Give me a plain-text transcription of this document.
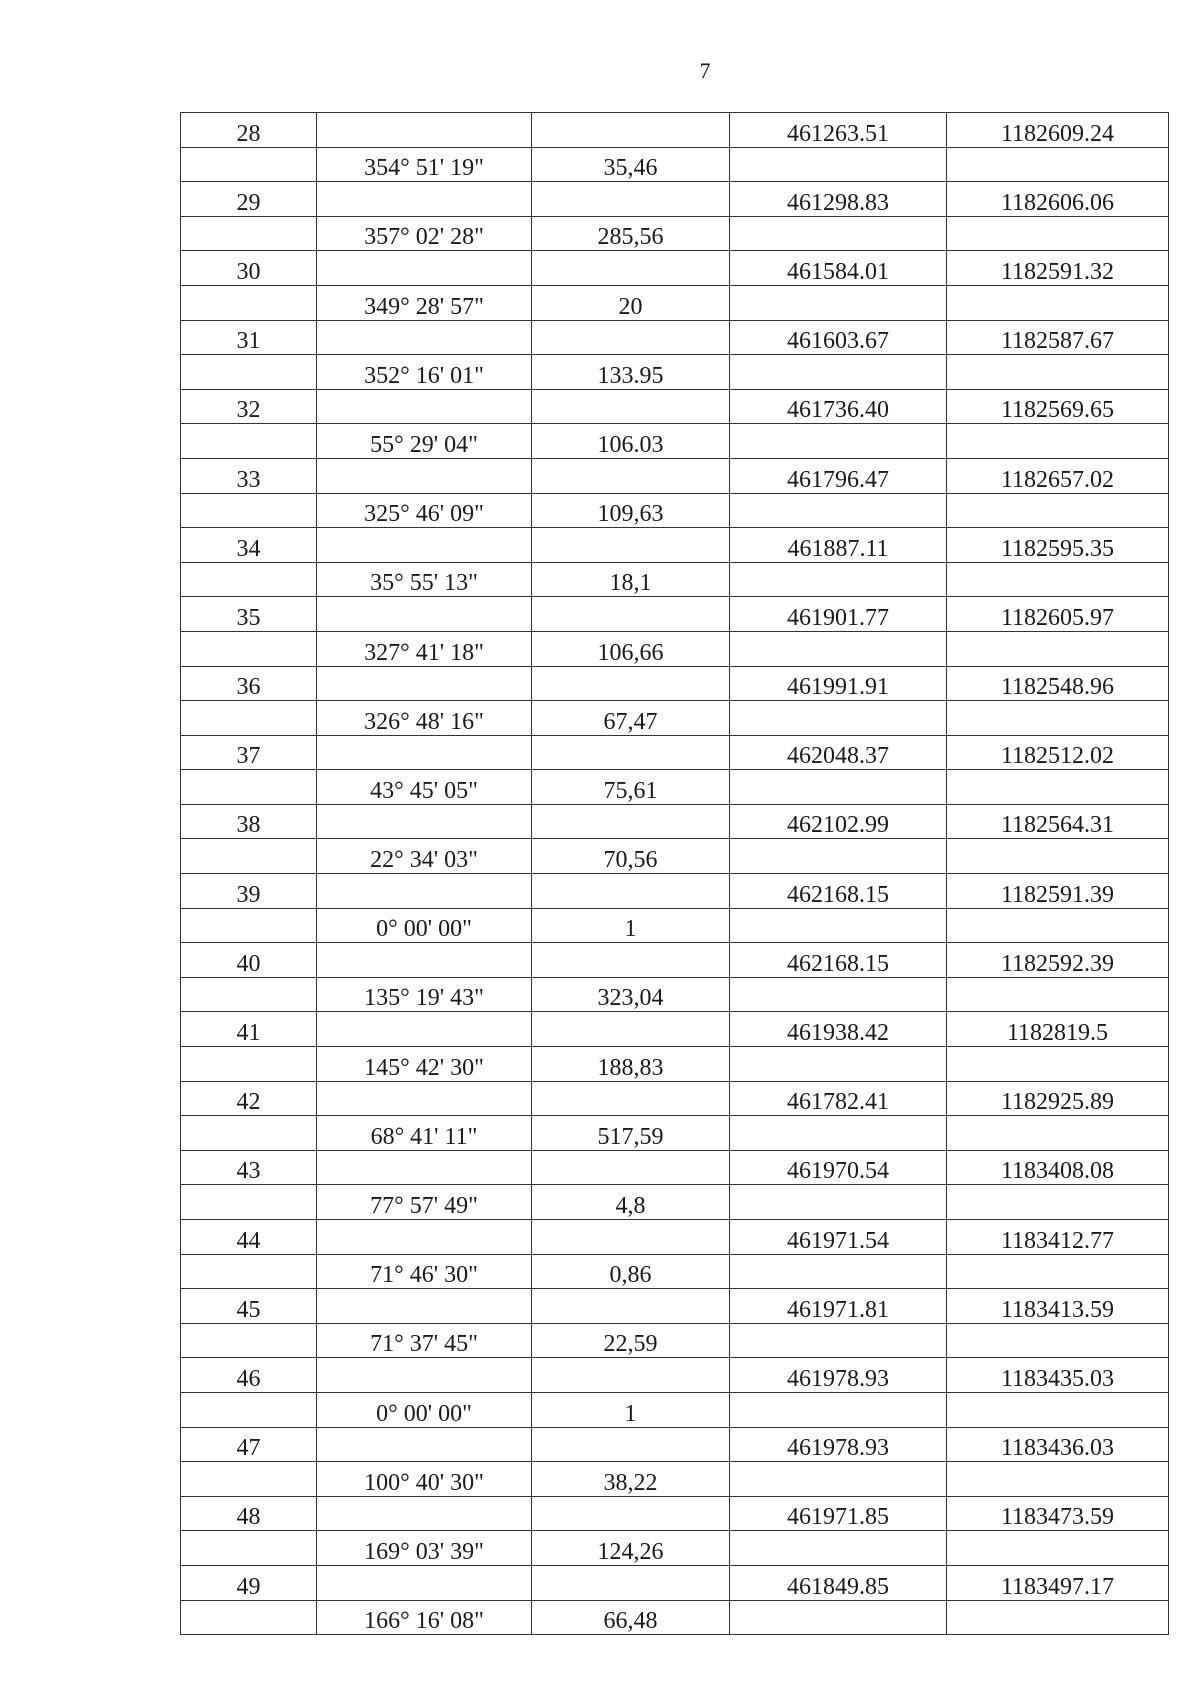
7
28			461263.51	1182609.24
	354° 51' 19"	35,46		
29			461298.83	1182606.06
	357° 02' 28"	285,56		
30			461584.01	1182591.32
	349° 28' 57"	20		
31			461603.67	1182587.67
	352° 16' 01"	133.95		
32			461736.40	1182569.65
	55° 29' 04"	106.03		
33			461796.47	1182657.02
	325° 46' 09"	109,63		
34			461887.11	1182595.35
	35° 55' 13"	18,1		
35			461901.77	1182605.97
	327° 41' 18"	106,66		
36			461991.91	1182548.96
	326° 48' 16"	67,47		
37			462048.37	1182512.02
	43° 45' 05"	75,61		
38			462102.99	1182564.31
	22° 34' 03"	70,56		
39			462168.15	1182591.39
	0° 00' 00"	1		
40			462168.15	1182592.39
	135° 19' 43"	323,04		
41			461938.42	1182819.5
	145° 42' 30"	188,83		
42			461782.41	1182925.89
	68° 41' 11"	517,59		
43			461970.54	1183408.08
	77° 57' 49"	4,8		
44			461971.54	1183412.77
	71° 46' 30"	0,86		
45			461971.81	1183413.59
	71° 37' 45"	22,59		
46			461978.93	1183435.03
	0° 00' 00"	1		
47			461978.93	1183436.03
	100° 40' 30"	38,22		
48			461971.85	1183473.59
	169° 03' 39"	124,26		
49			461849.85	1183497.17
	166° 16' 08"	66,48		
